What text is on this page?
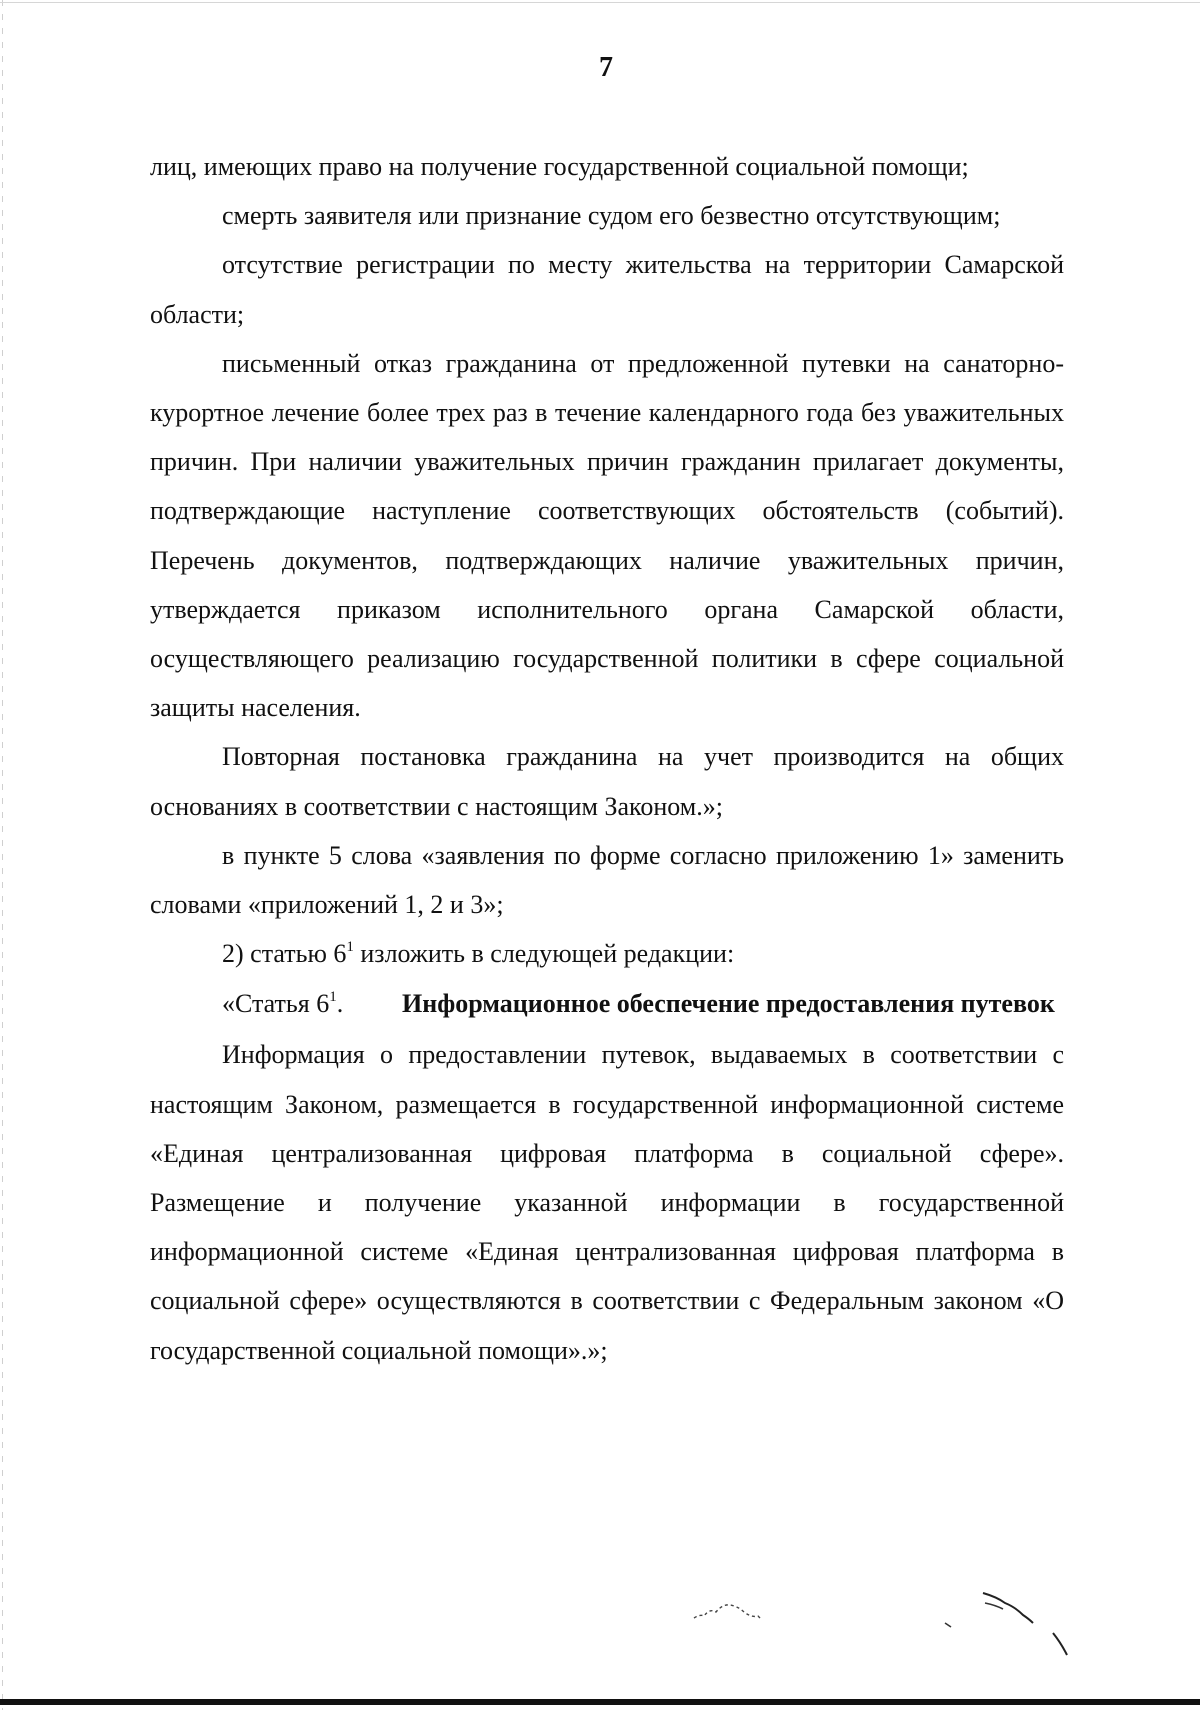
7

лиц, имеющих право на получение государственной социальной помощи;

смерть заявителя или признание судом его безвестно отсутствующим;

отсутствие регистрации по месту жительства на территории Самарской области;

письменный отказ гражданина от предложенной путевки на санаторно-курортное лечение более трех раз в течение календарного года без уважительных причин. При наличии уважительных причин гражданин прилагает документы, подтверждающие наступление соответствующих обстоятельств (событий). Перечень документов, подтверждающих наличие уважительных причин, утверждается приказом исполнительного органа Самарской области, осуществляющего реализацию государственной политики в сфере социальной защиты населения.

Повторная постановка гражданина на учет производится на общих основаниях в соответствии с настоящим Законом.»;

в пункте 5 слова «заявления по форме согласно приложению 1» заменить словами «приложений 1, 2 и 3»;

2) статью $6^1$ изложить в следующей редакции:

«Статья $6^1$.	Информационное обеспечение предоставления путевок

Информация о предоставлении путевок, выдаваемых в соответствии с настоящим Законом, размещается в государственной информационной системе «Единая централизованная цифровая платформа в социальной сфере». Размещение и получение указанной информации в государственной информационной системе «Единая централизованная цифровая платформа в социальной сфере» осуществляются в соответствии с Федеральным законом «О государственной социальной помощи».»;
